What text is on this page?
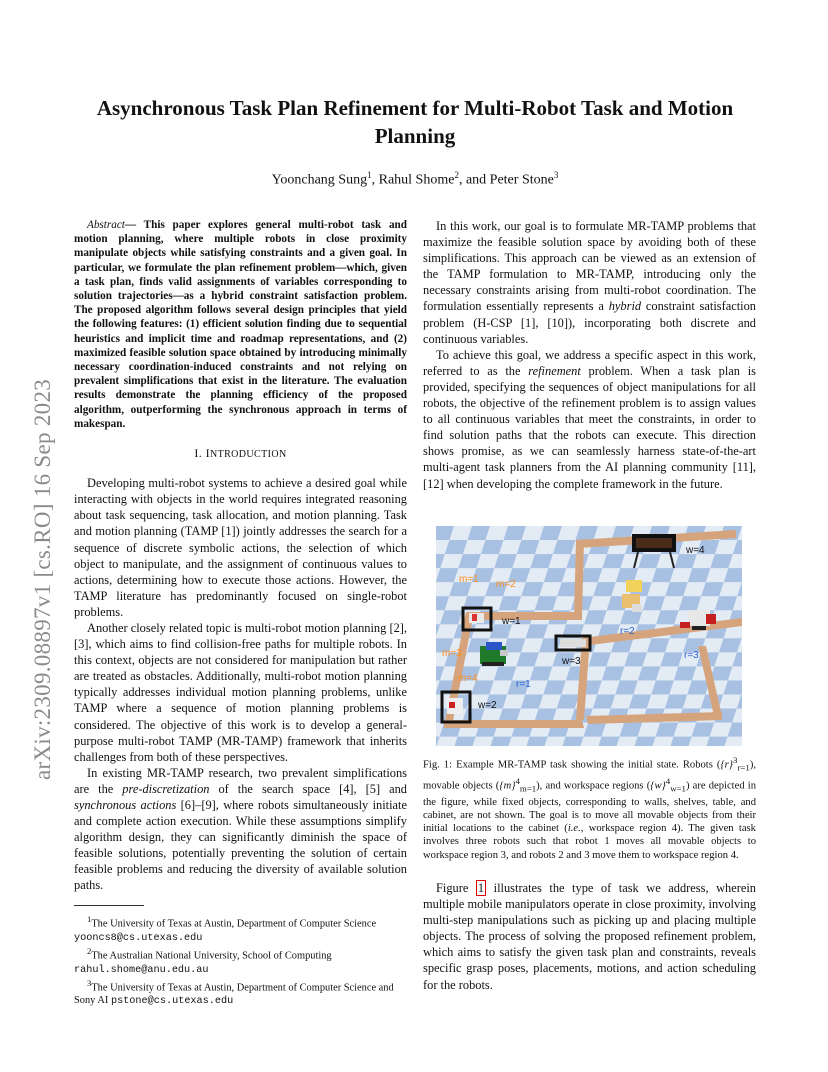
arXiv:2309.08897v1 [cs.RO] 16 Sep 2023
Asynchronous Task Plan Refinement for Multi-Robot Task and Motion Planning
Yoonchang Sung$^1$, Rahul Shome$^2$, and Peter Stone$^3$

Abstract— This paper explores general multi-robot task and motion planning, where multiple robots in close proximity manipulate objects while satisfying constraints and a given goal. In particular, we formulate the plan refinement problem—which, given a task plan, finds valid assignments of variables corresponding to solution trajectories—as a hybrid constraint satisfaction problem. The proposed algorithm follows several design principles that yield the following features: (1) efficient solution finding due to sequential heuristics and implicit time and roadmap representations, and (2) maximized feasible solution space obtained by introducing minimally necessary coordination-induced constraints and not relying on prevalent simplifications that exist in the literature. The evaluation results demonstrate the planning efficiency of the proposed algorithm, outperforming the synchronous approach in terms of makespan.

I. INTRODUCTION

Developing multi-robot systems to achieve a desired goal while interacting with objects in the world requires integrated reasoning about task sequencing, task allocation, and motion planning. Task and motion planning (TAMP [1]) jointly addresses the search for a sequence of discrete symbolic actions, the selection of which object to manipulate, and the assignment of continuous values to actions, determining how to execute those actions. However, the TAMP literature has predominantly focused on single-robot problems.

Another closely related topic is multi-robot motion planning [2], [3], which aims to find collision-free paths for multiple robots. In this context, objects are not considered for manipulation but rather are treated as obstacles. Additionally, multi-robot motion planning typically addresses individual motion planning problems, unlike TAMP where a sequence of motion planning problems is considered. The objective of this work is to develop a general-purpose multi-robot TAMP (MR-TAMP) framework that inherits challenges from both of these perspectives.

In existing MR-TAMP research, two prevalent simplifications are the pre-discretization of the search space [4], [5] and synchronous actions [6]–[9], where robots simultaneously initiate and complete action execution. While these assumptions simplify algorithm design, they can significantly diminish the space of feasible solutions, potentially preventing the solution of certain feasible problems and reducing the diversity of available solution paths.

$^1$The University of Texas at Austin, Department of Computer Science
yooncs8@cs.utexas.edu

$^2$The Australian National University, School of Computing
rahul.shome@anu.edu.au

$^3$The University of Texas at Austin, Department of Computer Science and Sony AI pstone@cs.utexas.edu

In this work, our goal is to formulate MR-TAMP problems that maximize the feasible solution space by avoiding both of these simplifications. This approach can be viewed as an extension of the TAMP formulation to MR-TAMP, introducing only the necessary constraints arising from multi-robot coordination. The formulation essentially represents a hybrid constraint satisfaction problem (H-CSP [1], [10]), incorporating both discrete and continuous variables.

To achieve this goal, we address a specific aspect in this work, referred to as the refinement problem. When a task plan is provided, specifying the sequences of object manipulations for all robots, the objective of the refinement problem is to assign values to all continuous variables that meet the constraints, in order to find solution paths that the robots can execute. This direction shows promise, as we can seamlessly harness state-of-the-art multi-agent task planners from the AI planning community [11], [12] when developing the complete framework in the future.

w=4
m=1 m=2
w=1
r=2
r=3
m=3
w=3
m=4
r=1
w=2
Fig. 1: Example MR-TAMP task showing the initial state. Robots $(\{r\}^3_{r=1})$, movable objects $(\{m\}^4_{m=1})$, and workspace regions $(\{w\}^4_{w=1})$ are depicted in the figure, while fixed objects, corresponding to walls, shelves, table, and cabinet, are not shown. The goal is to move all movable objects from their initial locations to the cabinet (i.e., workspace region 4). The given task involves three robots such that robot 1 moves all movable objects to workspace region 3, and robots 2 and 3 move them to workspace region 4.

Figure 1 illustrates the type of task we address, wherein multiple mobile manipulators operate in close proximity, involving multi-step manipulations such as picking up and placing multiple objects. The process of solving the proposed refinement problem, which aims to satisfy the given task plan and constraints, reveals specific grasp poses, placements, motions, and action scheduling for the robots.
